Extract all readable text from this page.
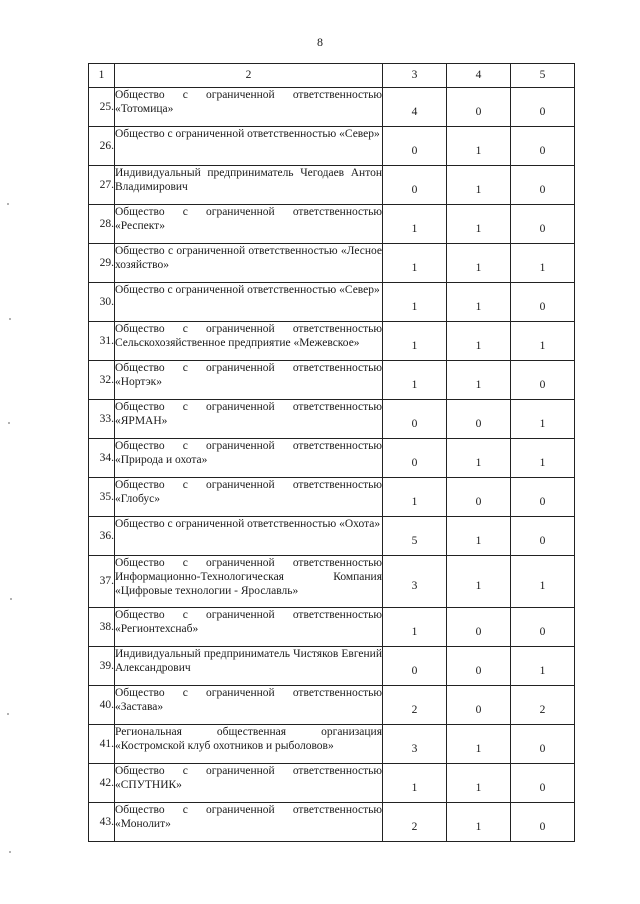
8
1	2	3	4	5
25.	Общество с ограниченной ответственностью «Тотомица»	4	0	0
26.	Общество с ограниченной ответственностью «Север»	0	1	0
27.	Индивидуальный предприниматель Чегодаев Антон Владимирович	0	1	0
28.	Общество с ограниченной ответственностью «Респект»	1	1	0
29.	Общество с ограниченной ответственностью «Лесное хозяйство»	1	1	1
30.	Общество с ограниченной ответственностью «Север»	1	1	0
31.	Общество с ограниченной ответственностью Сельскохозяйственное предприятие «Межевское»	1	1	1
32.	Общество с ограниченной ответственностью «Нортэк»	1	1	0
33.	Общество с ограниченной ответственностью «ЯРМАН»	0	0	1
34.	Общество с ограниченной ответственностью «Природа и охота»	0	1	1
35.	Общество с ограниченной ответственностью «Глобус»	1	0	0
36.	Общество с ограниченной ответственностью «Охота»	5	1	0
37.	Общество с ограниченной ответственностью Информационно-Технологическая Компания «Цифровые технологии - Ярославль»	3	1	1
38.	Общество с ограниченной ответственностью «Регионтехснаб»	1	0	0
39.	Индивидуальный предприниматель Чистяков Евгений Александрович	0	0	1
40.	Общество с ограниченной ответственностью «Застава»	2	0	2
41.	Региональная общественная организация «Костромской клуб охотников и рыболовов»	3	1	0
42.	Общество с ограниченной ответственностью «СПУТНИК»	1	1	0
43.	Общество с ограниченной ответственностью «Монолит»	2	1	0
